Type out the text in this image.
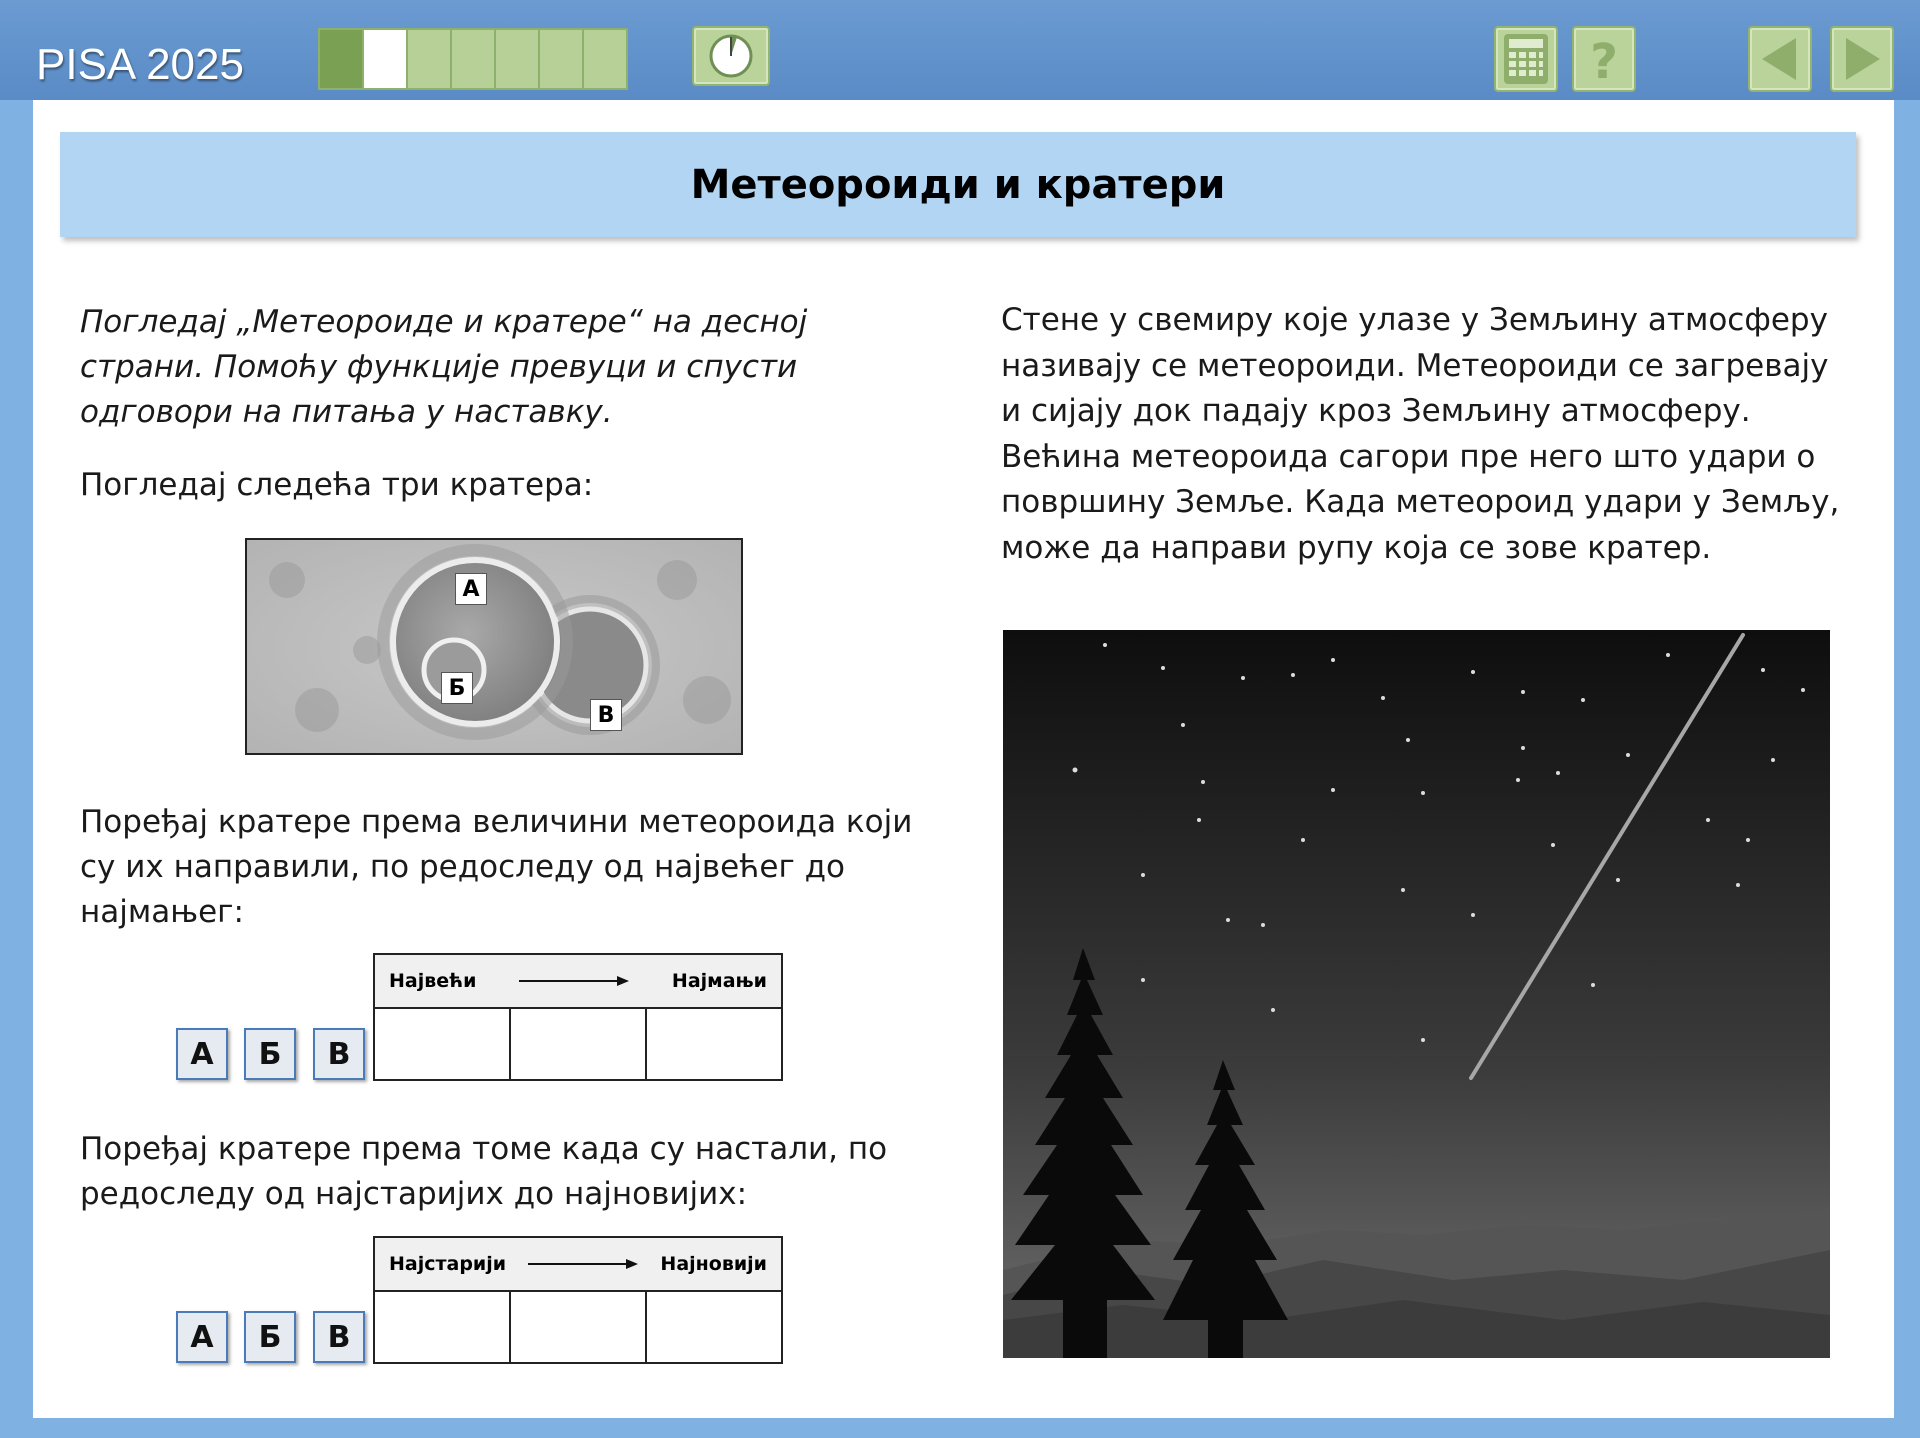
PISA 2025	?
Метеороиди и кратери
Погледај „Метеороиде и кратере“ на десној
страни. Помоћу функције превуци и спусти
одговори на питања у наставку.
Погледај следећа три кратера:
А
Б
В
Поређај кратере према величини метеороида који
су их направили, по редоследу од највећег до
најмањег:
А	Б	В
Највећи	Најмањи

Поређај кратере према томе када су настали, по
редоследу од најстаријих до најновијих:
А	Б	В
Најстарији	Најновији

Стене у свемиру које улазе у Земљину атмосферу
називају се метеороиди. Метеороиди се загревају
и сијају док падају кроз Земљину атмосферу.
Већина метеороида сагори пре него што удари о
површину Земље. Када метеороид удари у Земљу,
може да направи рупу која се зове кратер.
